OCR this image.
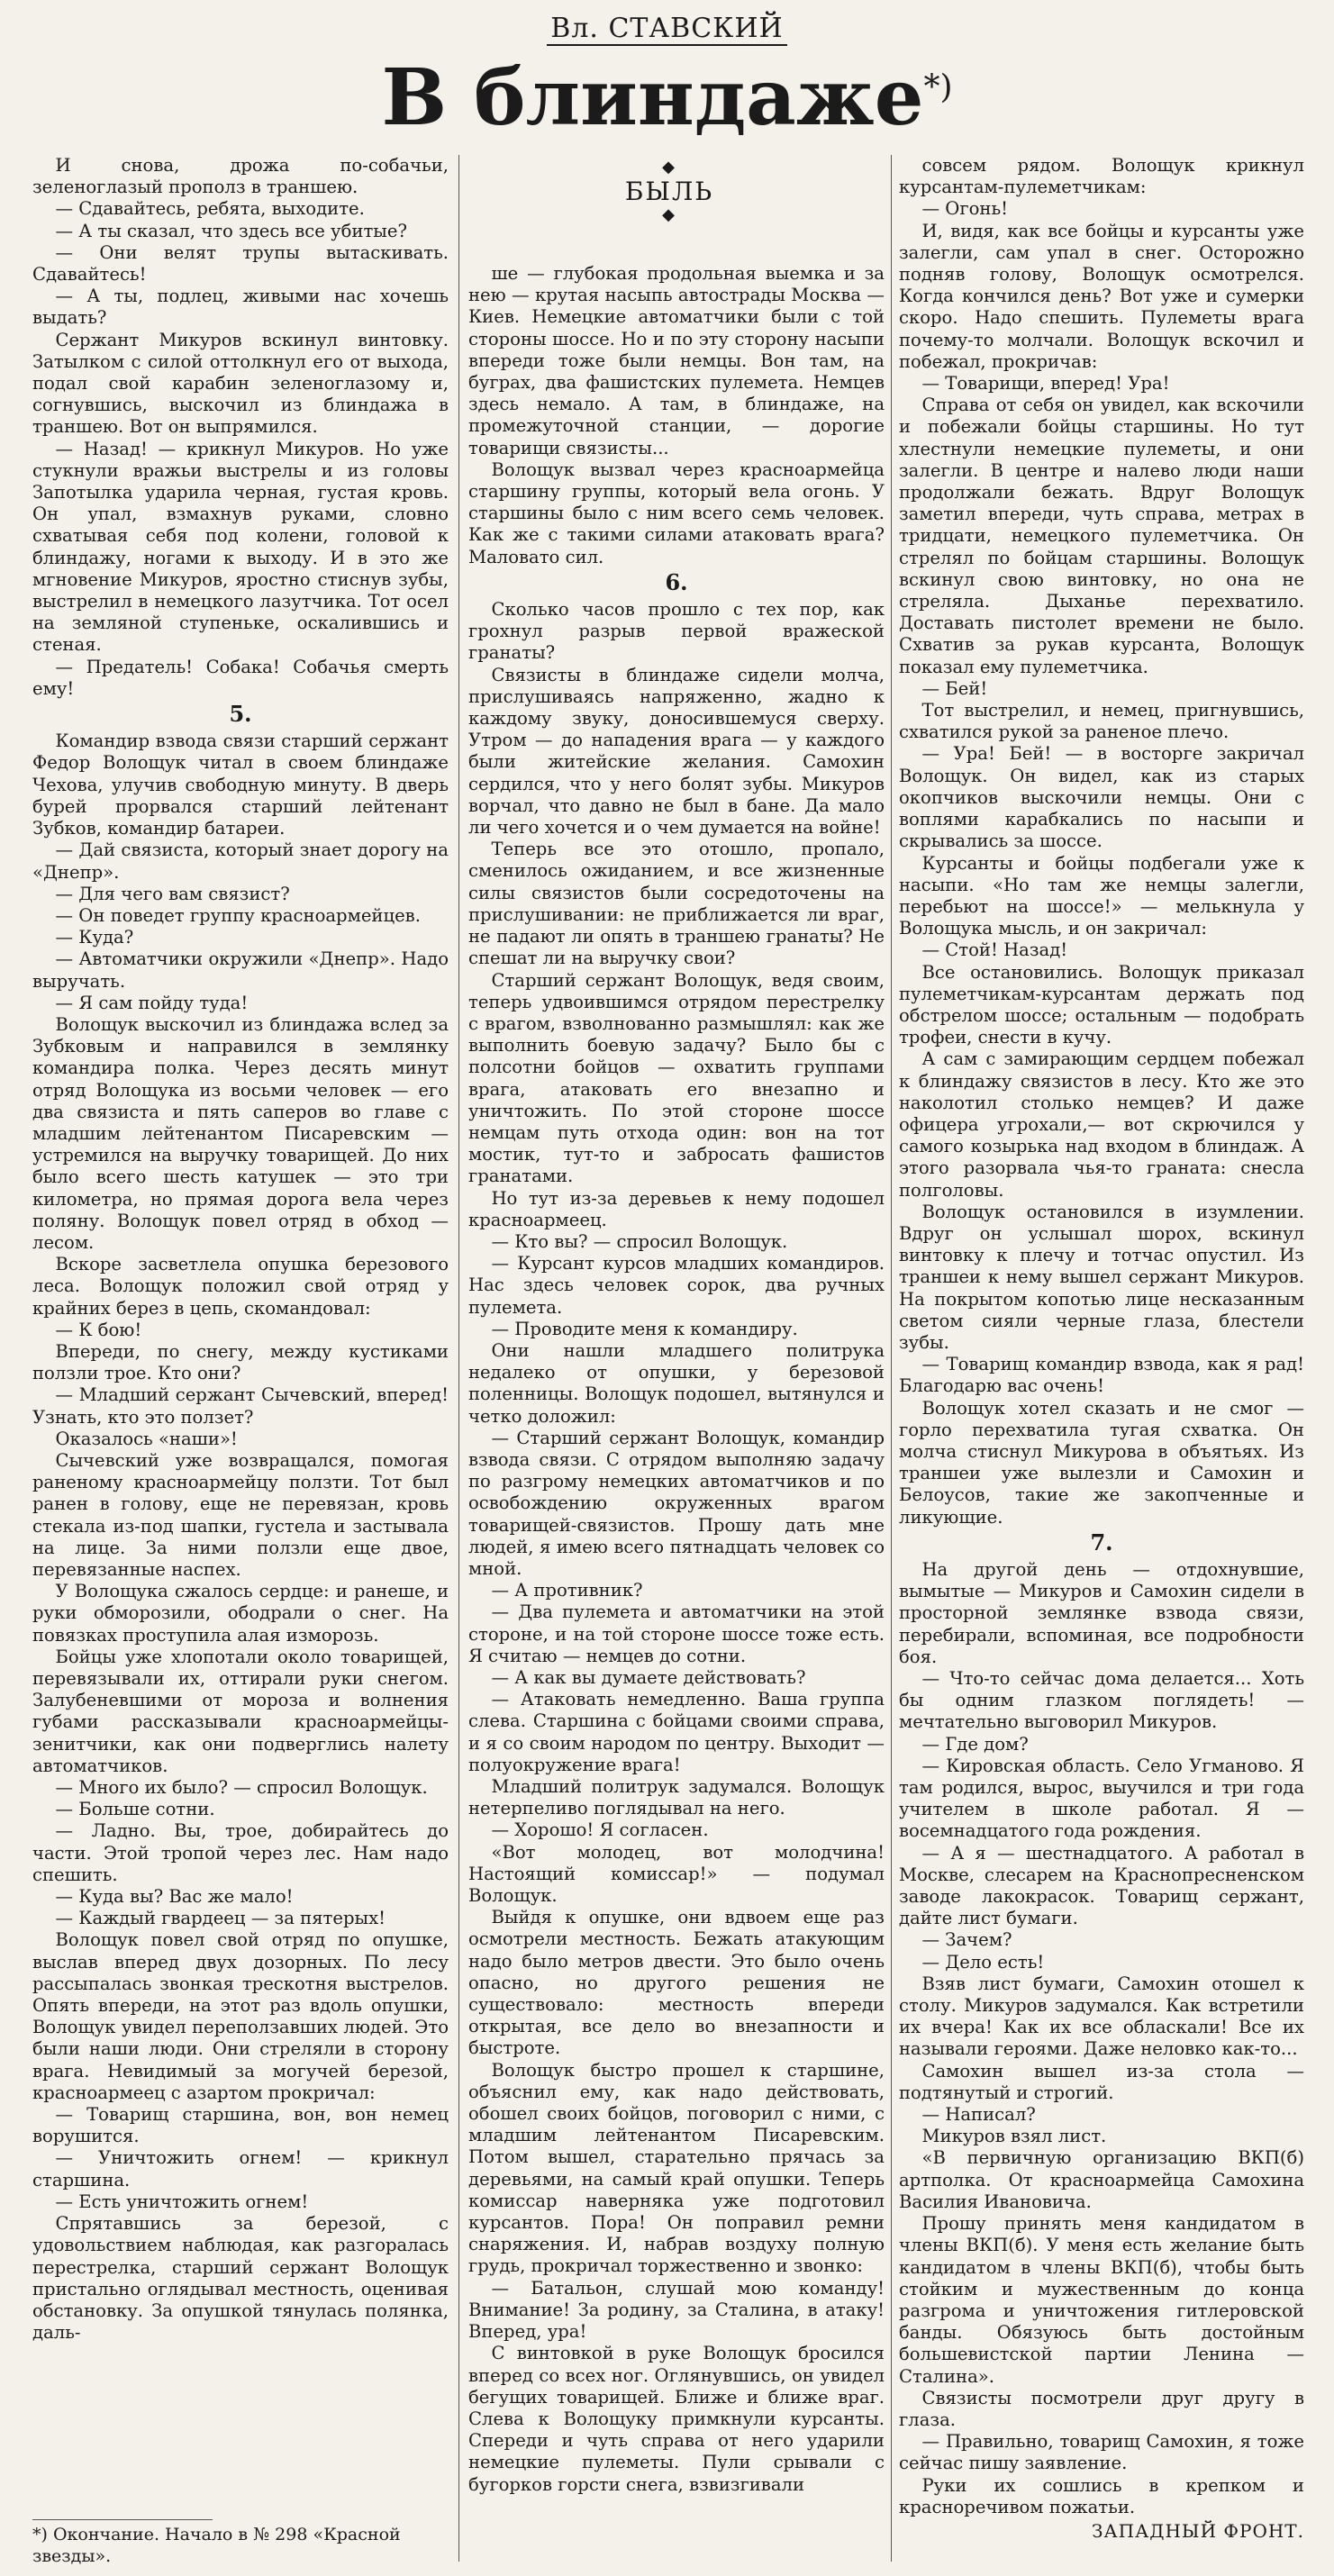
Вл. СТАВСКИЙ
В блиндаже*)
◆
БЫЛЬ
◆

И снова, дрожа по-собачьи, зеленоглазый прополз в траншею.

— Сдавайтесь, ребята, выходите.

— А ты сказал, что здесь все убитые?

— Они велят трупы вытаскивать. Сдавайтесь!

— А ты, подлец, живыми нас хочешь выдать?

Сержант Микуров вскинул винтовку. Затылком с силой оттолкнул его от выхода, подал свой карабин зеленоглазому и, согнувшись, выскочил из блиндажа в траншею. Вот он выпрямился.

— Назад! — крикнул Микуров. Но уже стукнули вражьи выстрелы и из головы Запотылка ударила черная, густая кровь. Он упал, взмахнув руками, словно схватывая себя под колени, головой к блиндажу, ногами к выходу. И в это же мгновение Микуров, яростно стиснув зубы, выстрелил в немецкого лазутчика. Тот осел на земляной ступеньке, оскалившись и стеная.

— Предатель! Собака! Собачья смерть ему!

5.

Командир взвода связи старший сержант Федор Волощук читал в своем блиндаже Чехова, улучив свободную минуту. В дверь бурей прорвался старший лейтенант Зубков, командир батареи.

— Дай связиста, который знает дорогу на «Днепр».

— Для чего вам связист?

— Он поведет группу красноармейцев.

— Куда?

— Автоматчики окружили «Днепр». Надо выручать.

— Я сам пойду туда!

Волощук выскочил из блиндажа вслед за Зубковым и направился в землянку командира полка. Через десять минут отряд Волощука из восьми человек — его два связиста и пять саперов во главе с младшим лейтенантом Писаревским — устремился на выручку товарищей. До них было всего шесть катушек — это три километра, но прямая дорога вела через поляну. Волощук повел отряд в обход — лесом.

Вскоре засветлела опушка березового леса. Волощук положил свой отряд у крайних берез в цепь, скомандовал:

— К бою!

Впереди, по снегу, между кустиками ползли трое. Кто они?

— Младший сержант Сычевский, вперед! Узнать, кто это ползет?

Оказалось «наши»!

Сычевский уже возвращался, помогая раненому красноармейцу ползти. Тот был ранен в голову, еще не перевязан, кровь стекала из-под шапки, густела и застывала на лице. За ними ползли еще двое, перевязанные наспех.

У Волощука сжалось сердце: и ранеше, и руки обморозили, ободрали о снег. На повязках проступила алая изморозь.

Бойцы уже хлопотали около товарищей, перевязывали их, оттирали руки снегом. Залубеневшими от мороза и волнения губами рассказывали красноармейцы-зенитчики, как они подверглись налету автоматчиков.

— Много их было? — спросил Волощук.

— Больше сотни.

— Ладно. Вы, трое, добирайтесь до части. Этой тропой через лес. Нам надо спешить.

— Куда вы? Вас же мало!

— Каждый гвардеец — за пятерых!

Волощук повел свой отряд по опушке, выслав вперед двух дозорных. По лесу рассыпалась звонкая трескотня выстрелов. Опять впереди, на этот раз вдоль опушки, Волощук увидел переползавших людей. Это были наши люди. Они стреляли в сторону врага. Невидимый за могучей березой, красноармеец с азартом прокричал:

— Товарищ старшина, вон, вон немец ворушится.

— Уничтожить огнем! — крикнул старшина.

— Есть уничтожить огнем!

Спрятавшись за березой, с удовольствием наблюдая, как разгоралась перестрелка, старший сержант Волощук пристально оглядывал местность, оценивая обстановку. За опушкой тянулась полянка, даль-

ше — глубокая продольная выемка и за нею — крутая насыпь автострады Москва — Киев. Немецкие автоматчики были с той стороны шоссе. Но и по эту сторону насыпи впереди тоже были немцы. Вон там, на буграх, два фашистских пулемета. Немцев здесь немало. А там, в блиндаже, на промежуточной станции, — дорогие товарищи связисты...

Волощук вызвал через красноармейца старшину группы, который вела огонь. У старшины было с ним всего семь человек. Как же с такими силами атаковать врага? Маловато сил.

6.

Сколько часов прошло с тех пор, как грохнул разрыв первой вражеской гранаты?

Связисты в блиндаже сидели молча, прислушиваясь напряженно, жадно к каждому звуку, доносившемуся сверху. Утром — до нападения врага — у каждого были житейские желания. Самохин сердился, что у него болят зубы. Микуров ворчал, что давно не был в бане. Да мало ли чего хочется и о чем думается на войне!

Теперь все это отошло, пропало, сменилось ожиданием, и все жизненные силы связистов были сосредоточены на прислушивании: не приближается ли враг, не падают ли опять в траншею гранаты? Не спешат ли на выручку свои?

Старший сержант Волощук, ведя своим, теперь удвоившимся отрядом перестрелку с врагом, взволнованно размышлял: как же выполнить боевую задачу? Было бы с полсотни бойцов — охватить группами врага, атаковать его внезапно и уничтожить. По этой стороне шоссе немцам путь отхода один: вон на тот мостик, тут-то и забросать фашистов гранатами.

Но тут из-за деревьев к нему подошел красноармеец.

— Кто вы? — спросил Волощук.

— Курсант курсов младших командиров. Нас здесь человек сорок, два ручных пулемета.

— Проводите меня к командиру.

Они нашли младшего политрука недалеко от опушки, у березовой поленницы. Волощук подошел, вытянулся и четко доложил:

— Старший сержант Волощук, командир взвода связи. С отрядом выполняю задачу по разгрому немецких автоматчиков и по освобождению окруженных врагом товарищей-связистов. Прошу дать мне людей, я имею всего пятнадцать человек со мной.

— А противник?

— Два пулемета и автоматчики на этой стороне, и на той стороне шоссе тоже есть. Я считаю — немцев до сотни.

— А как вы думаете действовать?

— Атаковать немедленно. Ваша группа слева. Старшина с бойцами своими справа, и я со своим народом по центру. Выходит — полуокружение врага!

Младший политрук задумался. Волощук нетерпеливо поглядывал на него.

— Хорошо! Я согласен.

«Вот молодец, вот молодчина! Настоящий комиссар!» — подумал Волощук.

Выйдя к опушке, они вдвоем еще раз осмотрели местность. Бежать атакующим надо было метров двести. Это было очень опасно, но другого решения не существовало: местность впереди открытая, все дело во внезапности и быстроте.

Волощук быстро прошел к старшине, объяснил ему, как надо действовать, обошел своих бойцов, поговорил с ними, с младшим лейтенантом Писаревским. Потом вышел, старательно прячась за деревьями, на самый край опушки. Теперь комиссар наверняка уже подготовил курсантов. Пора! Он поправил ремни снаряжения. И, набрав воздуху полную грудь, прокричал торжественно и звонко:

— Батальон, слушай мою команду! Внимание! За родину, за Сталина, в атаку! Вперед, ура!

С винтовкой в руке Волощук бросился вперед со всех ног. Оглянувшись, он увидел бегущих товарищей. Ближе и ближе враг. Слева к Волощуку примкнули курсанты. Спереди и чуть справа от него ударили немецкие пулеметы. Пули срывали с бугорков горсти снега, взвизгивали

совсем рядом. Волощук крикнул курсантам-пулеметчикам:

— Огонь!

И, видя, как все бойцы и курсанты уже залегли, сам упал в снег. Осторожно подняв голову, Волощук осмотрелся. Когда кончился день? Вот уже и сумерки скоро. Надо спешить. Пулеметы врага почему-то молчали. Волощук вскочил и побежал, прокричав:

— Товарищи, вперед! Ура!

Справа от себя он увидел, как вскочили и побежали бойцы старшины. Но тут хлестнули немецкие пулеметы, и они залегли. В центре и налево люди наши продолжали бежать. Вдруг Волощук заметил впереди, чуть справа, метрах в тридцати, немецкого пулеметчика. Он стрелял по бойцам старшины. Волощук вскинул свою винтовку, но она не стреляла. Дыханье перехватило. Доставать пистолет времени не было. Схватив за рукав курсанта, Волощук показал ему пулеметчика.

— Бей!

Тот выстрелил, и немец, пригнувшись, схватился рукой за раненое плечо.

— Ура! Бей! — в восторге закричал Волощук. Он видел, как из старых окопчиков выскочили немцы. Они с воплями карабкались по насыпи и скрывались за шоссе.

Курсанты и бойцы подбегали уже к насыпи. «Но там же немцы залегли, перебьют на шоссе!» — мелькнула у Волощука мысль, и он закричал:

— Стой! Назад!

Все остановились. Волощук приказал пулеметчикам-курсантам держать под обстрелом шоссе; остальным — подобрать трофеи, снести в кучу.

А сам с замирающим сердцем побежал к блиндажу связистов в лесу. Кто же это наколотил столько немцев? И даже офицера угрохали,— вот скрючился у самого козырька над входом в блиндаж. А этого разорвала чья-то граната: снесла полголовы.

Волощук остановился в изумлении. Вдруг он услышал шорох, вскинул винтовку к плечу и тотчас опустил. Из траншеи к нему вышел сержант Микуров. На покрытом копотью лице несказанным светом сияли черные глаза, блестели зубы.

— Товарищ командир взвода, как я рад! Благодарю вас очень!

Волощук хотел сказать и не смог — горло перехватила тугая схватка. Он молча стиснул Микурова в объятьях. Из траншеи уже вылезли и Самохин и Белоусов, такие же закопченные и ликующие.

7.

На другой день — отдохнувшие, вымытые — Микуров и Самохин сидели в просторной землянке взвода связи, перебирали, вспоминая, все подробности боя.

— Что-то сейчас дома делается... Хоть бы одним глазком поглядеть! — мечтательно выговорил Микуров.

— Где дом?

— Кировская область. Село Угмановo. Я там родился, вырос, выучился и три года учителем в школе работал. Я — восемнадцатого года рождения.

— А я — шестнадцатого. А работал в Москве, слесарем на Краснопресненском заводе лакокрасок. Товарищ сержант, дайте лист бумаги.

— Зачем?

— Дело есть!

Взяв лист бумаги, Самохин отошел к столу. Микуров задумался. Как встретили их вчера! Как их все обласкали! Все их называли героями. Даже неловко как-то...

Самохин вышел из-за стола — подтянутый и строгий.

— Написал?

Микуров взял лист.

«В первичную организацию ВКП(б) артполка. От красноармейца Самохина Василия Ивановича.

Прошу принять меня кандидатом в члены ВКП(б). У меня есть желание быть кандидатом в члены ВКП(б), чтобы быть стойким и мужественным до конца разгрома и уничтожения гитлеровской банды. Обязуюсь быть достойным большевистской партии Ленина — Сталина».

Связисты посмотрели друг другу в глаза.

— Правильно, товарищ Самохин, я тоже сейчас пишу заявление.

Руки их сошлись в крепком и красноречивом пожатьи.

ЗАПАДНЫЙ ФРОНТ.
*) Окончание. Начало в № 298 «Красной звезды».
